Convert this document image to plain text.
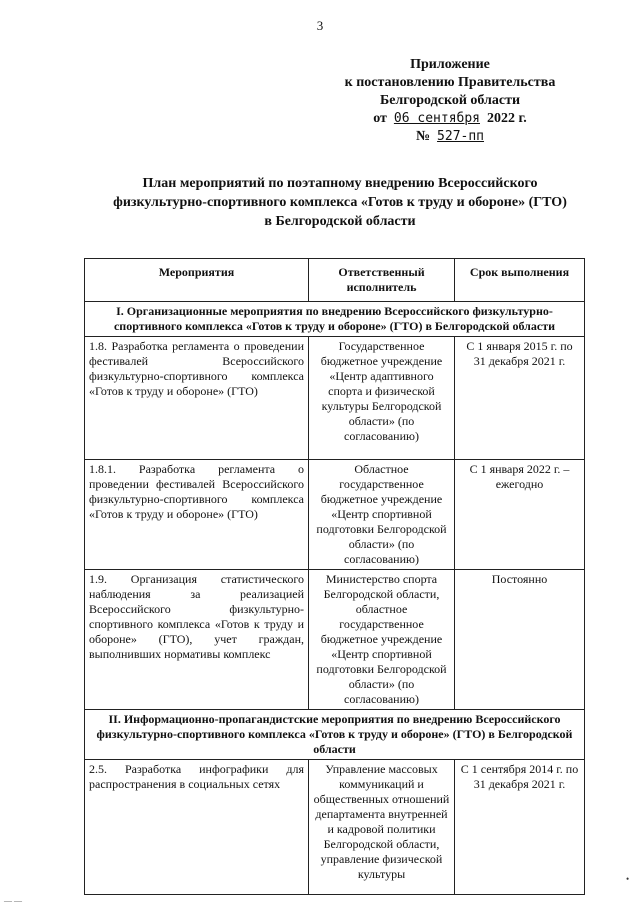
3
Приложение
к постановлению Правительства
Белгородской области
от 06 сентября 2022 г.
№ 527-пп
План мероприятий по поэтапному внедрению Всероссийского
физкультурно-спортивного комплекса «Готов к труду и обороне» (ГТО)
в Белгородской области
Мероприятия	Ответственный исполнитель	Срок выполнения
I. Организационные мероприятия по внедрению Всероссийского физкультурно-спортивного комплекса «Готов к труду и обороне» (ГТО) в Белгородской области		
1.8. Разработка регламента о проведении фестивалей Всероссийского физкультурно-спортивного комплекса «Готов к труду и обороне» (ГТО)	Государственное бюджетное учреждение «Центр адаптивного спорта и физической культуры Белгородской области» (по согласованию)	С 1 января 2015 г. по 31 декабря 2021 г.
1.8.1. Разработка регламента о проведении фестивалей Всероссийского физкультурно-спортивного комплекса «Готов к труду и обороне» (ГТО)	Областное государственное бюджетное учреждение «Центр спортивной подготовки Белгородской области» (по согласованию)	С 1 января 2022 г. – ежегодно
1.9. Организация статистического наблюдения за реализацией Всероссийского физкультурно-спортивного комплекса «Готов к труду и обороне» (ГТО), учет граждан, выполнивших нормативы комплекс	Министерство спорта Белгородской области, областное государственное бюджетное учреждение «Центр спортивной подготовки Белгородской области» (по согласованию)	Постоянно
II. Информационно-пропагандистские мероприятия по внедрению Всероссийского физкультурно-спортивного комплекса «Готов к труду и обороне» (ГТО) в Белгородской области		
2.5. Разработка инфографики для распространения в социальных сетях	Управление массовых коммуникаций и общественных отношений департамента внутренней и кадровой политики Белгородской области, управление физической культуры	С 1 сентября 2014 г. по 31 декабря 2021 г.
— —
•
